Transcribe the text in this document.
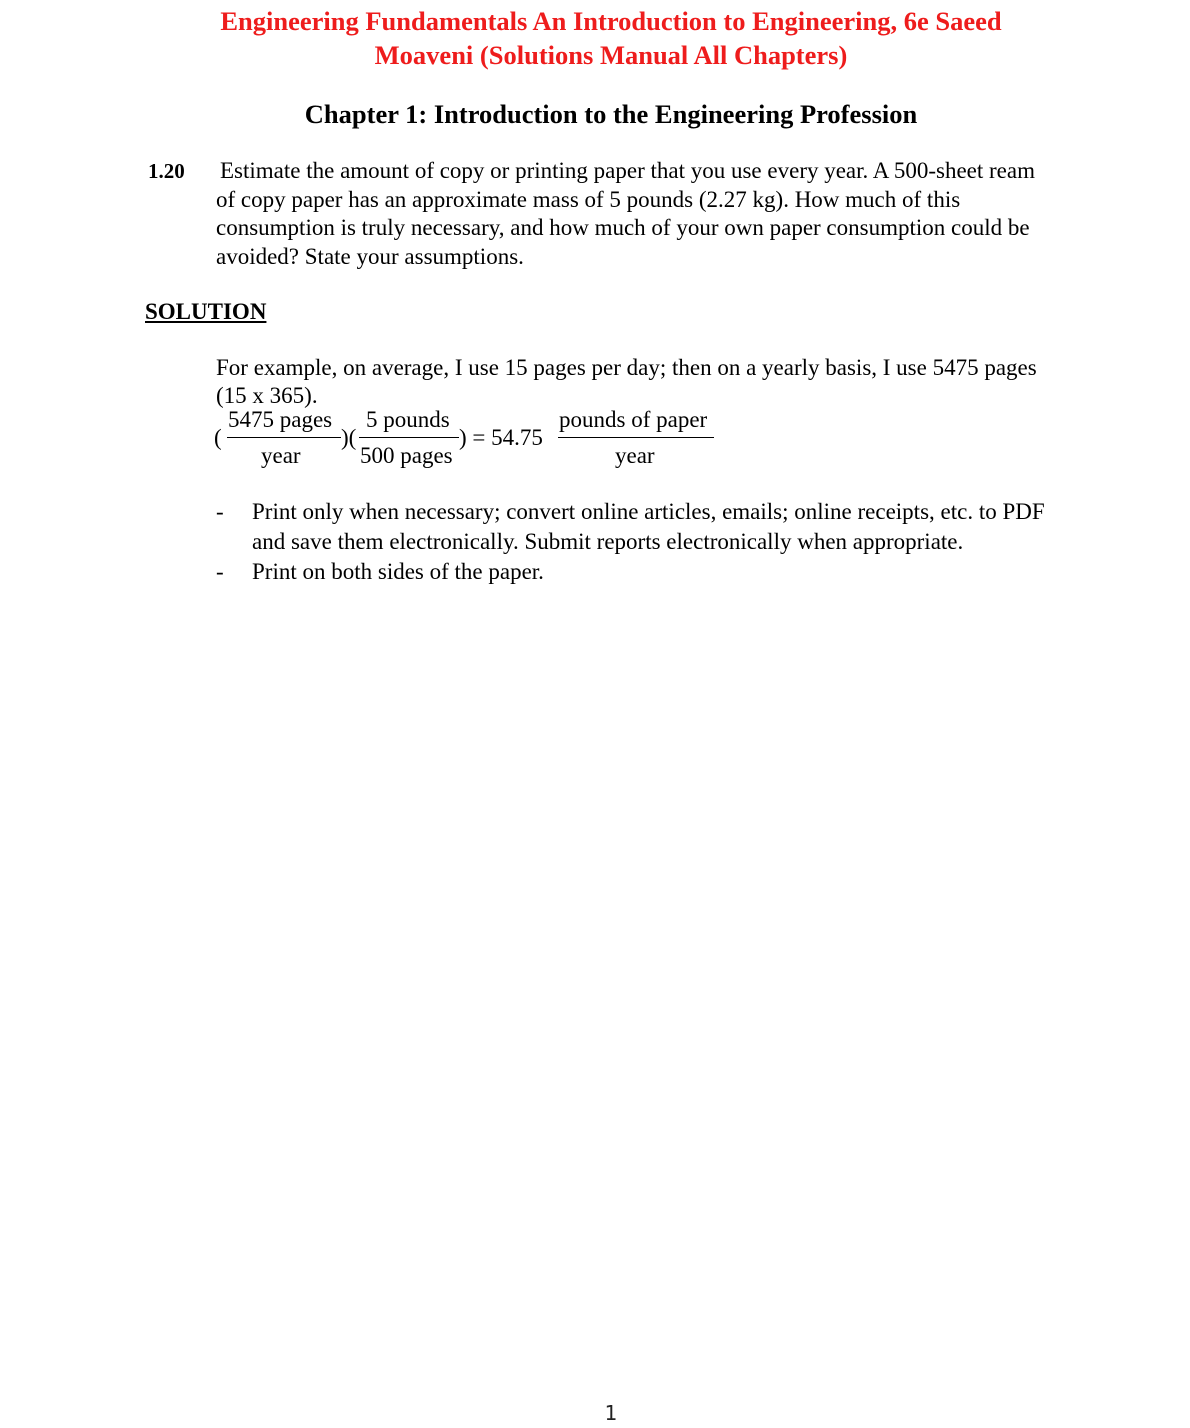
Engineering Fundamentals An Introduction to Engineering, 6e Saeed
Moaveni (Solutions Manual All Chapters)
Chapter 1: Introduction to the Engineering Profession
1.20 Estimate the amount of copy or printing paper that you use every year. A 500-sheet ream
of copy paper has an approximate mass of 5 pounds (2.27 kg). How much of this
consumption is truly necessary, and how much of your own paper consumption could be
avoided? State your assumptions.
SOLUTION
For example, on average, I use 15 pages per day; then on a yearly basis, I use 5475 pages
(15 x 365).
(
5475 pages
year
)(
5 pounds
500 pages
) = 54.75
pounds of paper
year
- Print only when necessary; convert online articles, emails; online receipts, etc. to PDF
and save them electronically. Submit reports electronically when appropriate.
- Print on both sides of the paper.
1
